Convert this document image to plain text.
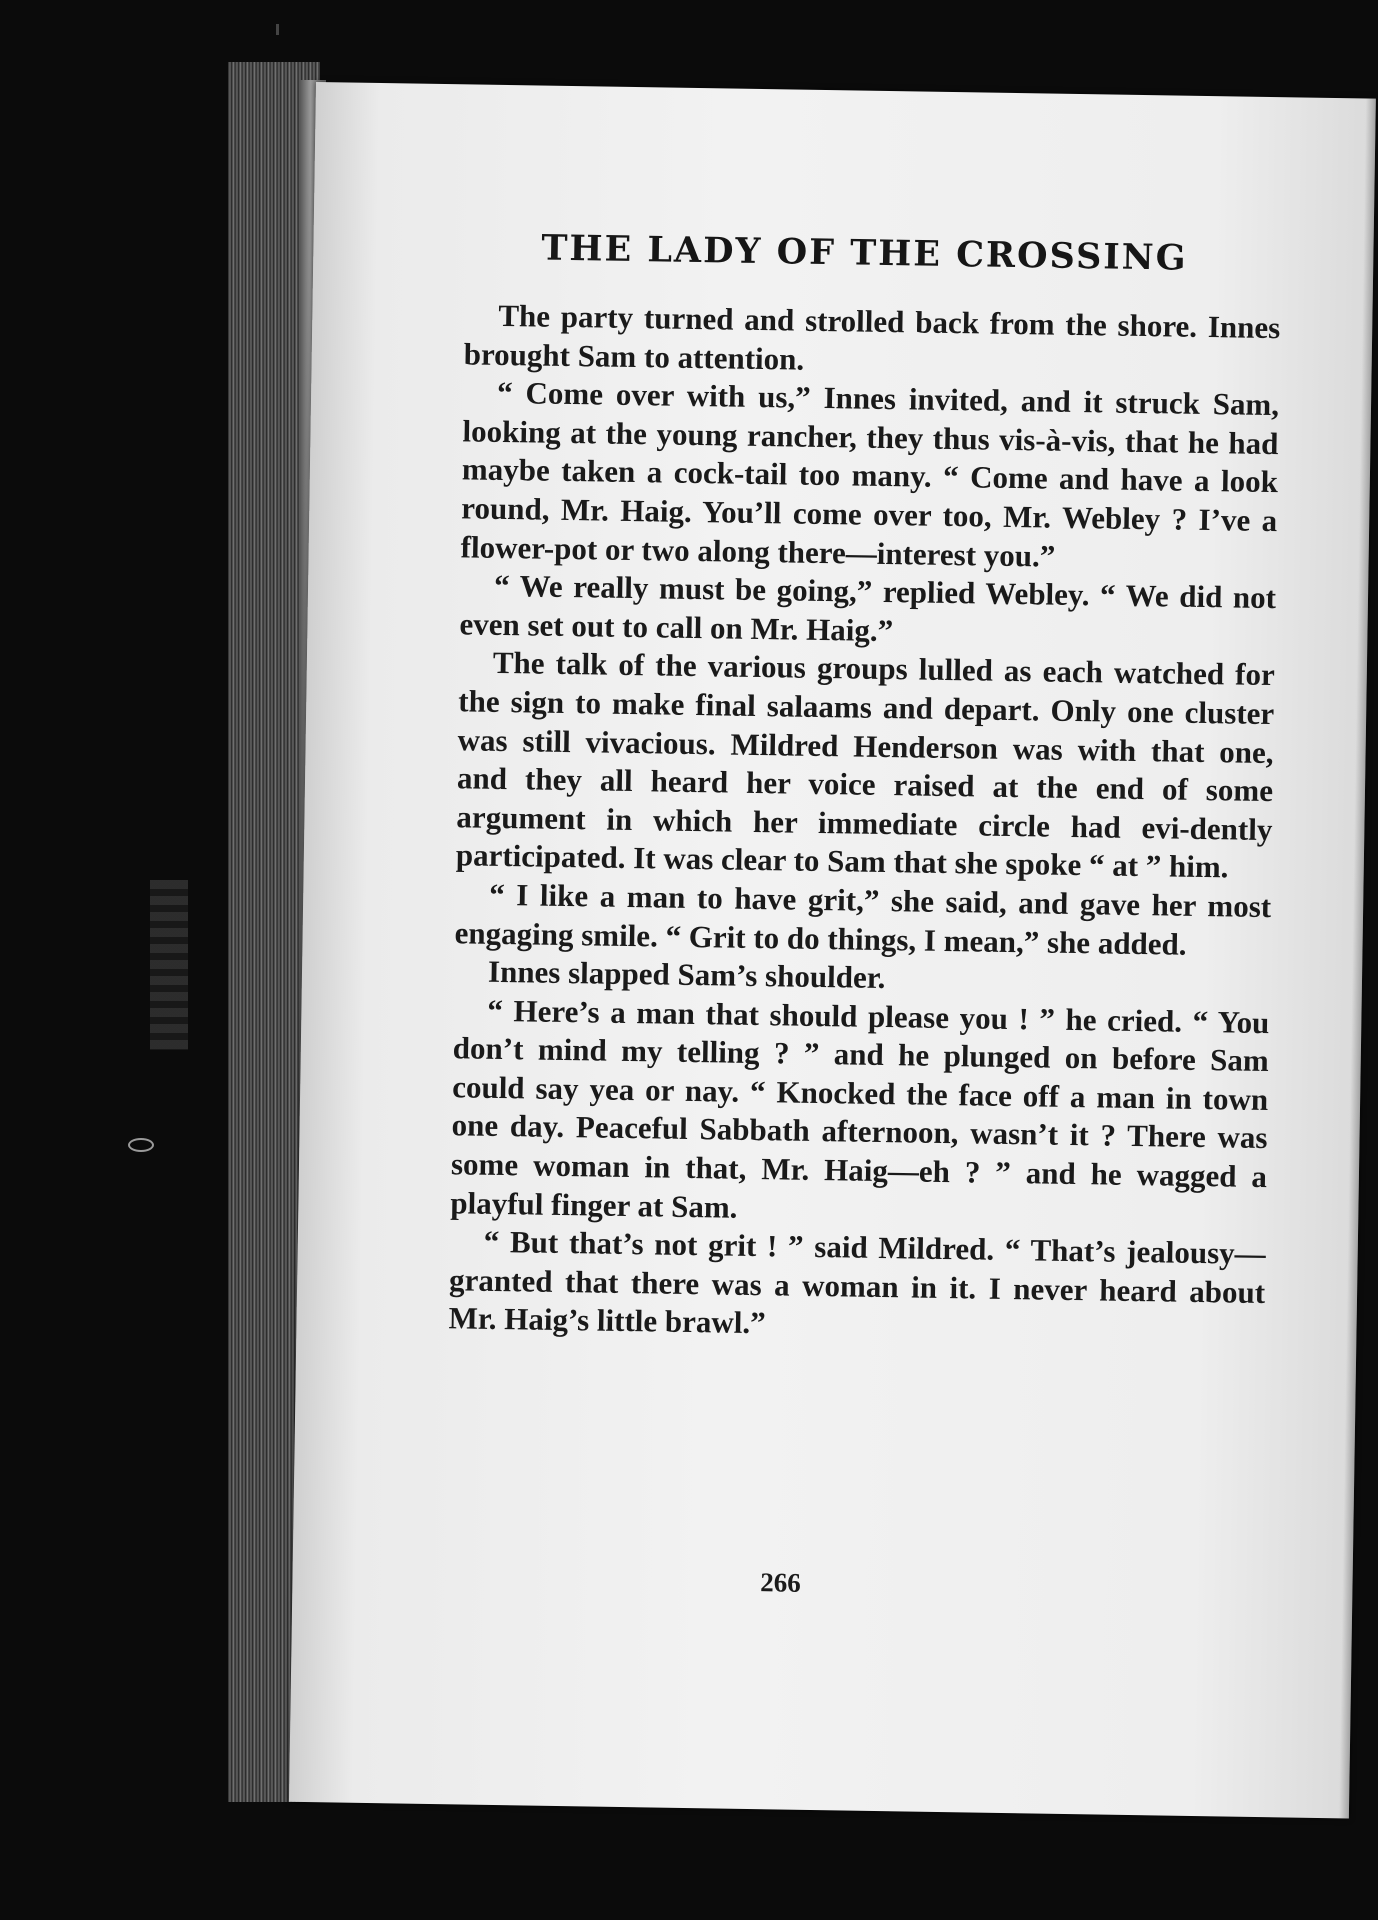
THE LADY OF THE CROSSING

The party turned and strolled back from the shore. Innes brought Sam to attention.

“ Come over with us,” Innes invited, and it struck Sam, looking at the young rancher, they thus vis-à-vis, that he had maybe taken a cock-tail too many. “ Come and have a look round, Mr. Haig. You’ll come over too, Mr. Webley ? I’ve a flower-pot or two along there—interest you.”

“ We really must be going,” replied Webley. “ We did not even set out to call on Mr. Haig.”

The talk of the various groups lulled as each watched for the sign to make final salaams and depart. Only one cluster was still vivacious. Mildred Henderson was with that one, and they all heard her voice raised at the end of some argument in which her immediate circle had evi-dently participated. It was clear to Sam that she spoke “ at ” him.

“ I like a man to have grit,” she said, and gave her most engaging smile. “ Grit to do things, I mean,” she added.

Innes slapped Sam’s shoulder.

“ Here’s a man that should please you ! ” he cried. “ You don’t mind my telling ? ” and he plunged on before Sam could say yea or nay. “ Knocked the face off a man in town one day. Peaceful Sabbath afternoon, wasn’t it ? There was some woman in that, Mr. Haig—eh ? ” and he wagged a playful finger at Sam.

“ But that’s not grit ! ” said Mildred. “ That’s jealousy—granted that there was a woman in it. I never heard about Mr. Haig’s little brawl.”

266
